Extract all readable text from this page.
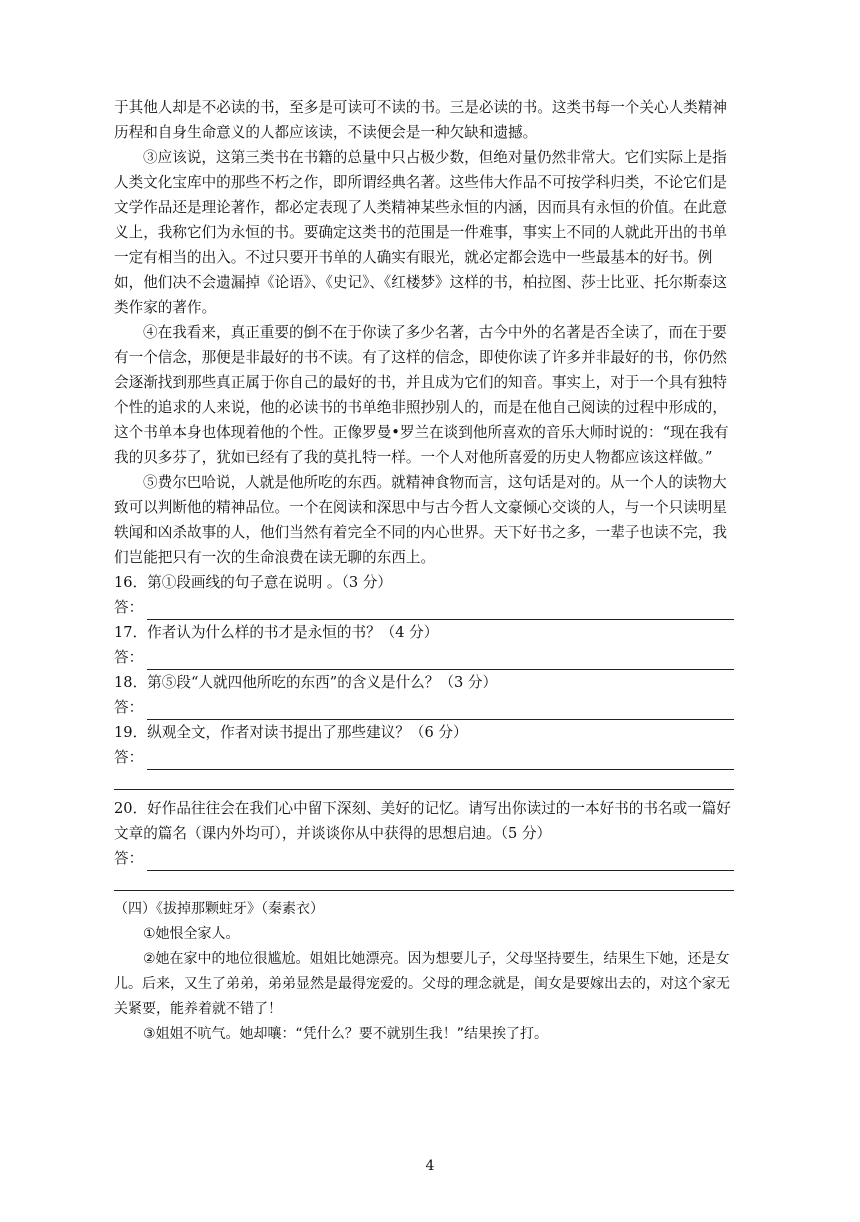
于其他人却是不必读的书，至多是可读可不读的书。三是必读的书。这类书每一个关心人类精神历程和自身生命意义的人都应该读，不读便会是一种欠缺和遗撼。

③应该说，这第三类书在书籍的总量中只占极少数，但绝对量仍然非常大。它们实际上是指人类文化宝库中的那些不朽之作，即所谓经典名著。这些伟大作品不可按学科归类，不论它们是文学作品还是理论著作，都必定表现了人类精神某些永恒的内涵，因而具有永恒的价值。在此意义上，我称它们为永恒的书。要确定这类书的范围是一件难事，事实上不同的人就此开出的书单一定有相当的出入。不过只要开书单的人确实有眼光，就必定都会选中一些最基本的好书。例如，他们决不会遗漏掉《论语》、《史记》、《红楼梦》这样的书，柏拉图、莎士比亚、托尔斯泰这类作家的著作。

④在我看来，真正重要的倒不在于你读了多少名著，古今中外的名著是否全读了，而在于要有一个信念，那便是非最好的书不读。有了这样的信念，即使你读了许多并非最好的书，你仍然会逐渐找到那些真正属于你自己的最好的书，并且成为它们的知音。事实上，对于一个具有独特个性的追求的人来说，他的必读书的书单绝非照抄别人的，而是在他自己阅读的过程中形成的，这个书单本身也体现着他的个性。正像罗曼•罗兰在谈到他所喜欢的音乐大师时说的：“现在我有我的贝多芬了，犹如已经有了我的莫扎特一样。一个人对他所喜爱的历史人物都应该这样做。”

⑤费尔巴哈说，人就是他所吃的东西。就精神食物而言，这句话是对的。从一个人的读物大致可以判断他的精神品位。一个在阅读和深思中与古今哲人文豪倾心交谈的人，与一个只读明星轶闻和凶杀故事的人，他们当然有着完全不同的内心世界。天下好书之多，一辈子也读不完，我们岂能把只有一次的生命浪费在读无聊的东西上。

16．第①段画线的句子意在说明 。（3 分）

答：

17．作者认为什么样的书才是永恒的书？（4 分）

答：

18．第⑤段“人就四他所吃的东西”的含义是什么？（3 分）

答：

19．纵观全文，作者对读书提出了那些建议？（6 分）

答：

20．好作品往往会在我们心中留下深刻、美好的记忆。请写出你读过的一本好书的书名或一篇好文章的篇名（课内外均可），并谈谈你从中获得的思想启迪。（5 分）

答：

（四）《拔掉那颗蛀牙》（秦素衣）

①她恨全家人。

②她在家中的地位很尴尬。姐姐比她漂亮。因为想要儿子，父母坚持要生，结果生下她，还是女儿。后来，又生了弟弟，弟弟显然是最得宠爱的。父母的理念就是，闺女是要嫁出去的，对这个家无关紧要，能养着就不错了！

③姐姐不吭气。她却嚷：“凭什么？要不就别生我！”结果挨了打。

4
